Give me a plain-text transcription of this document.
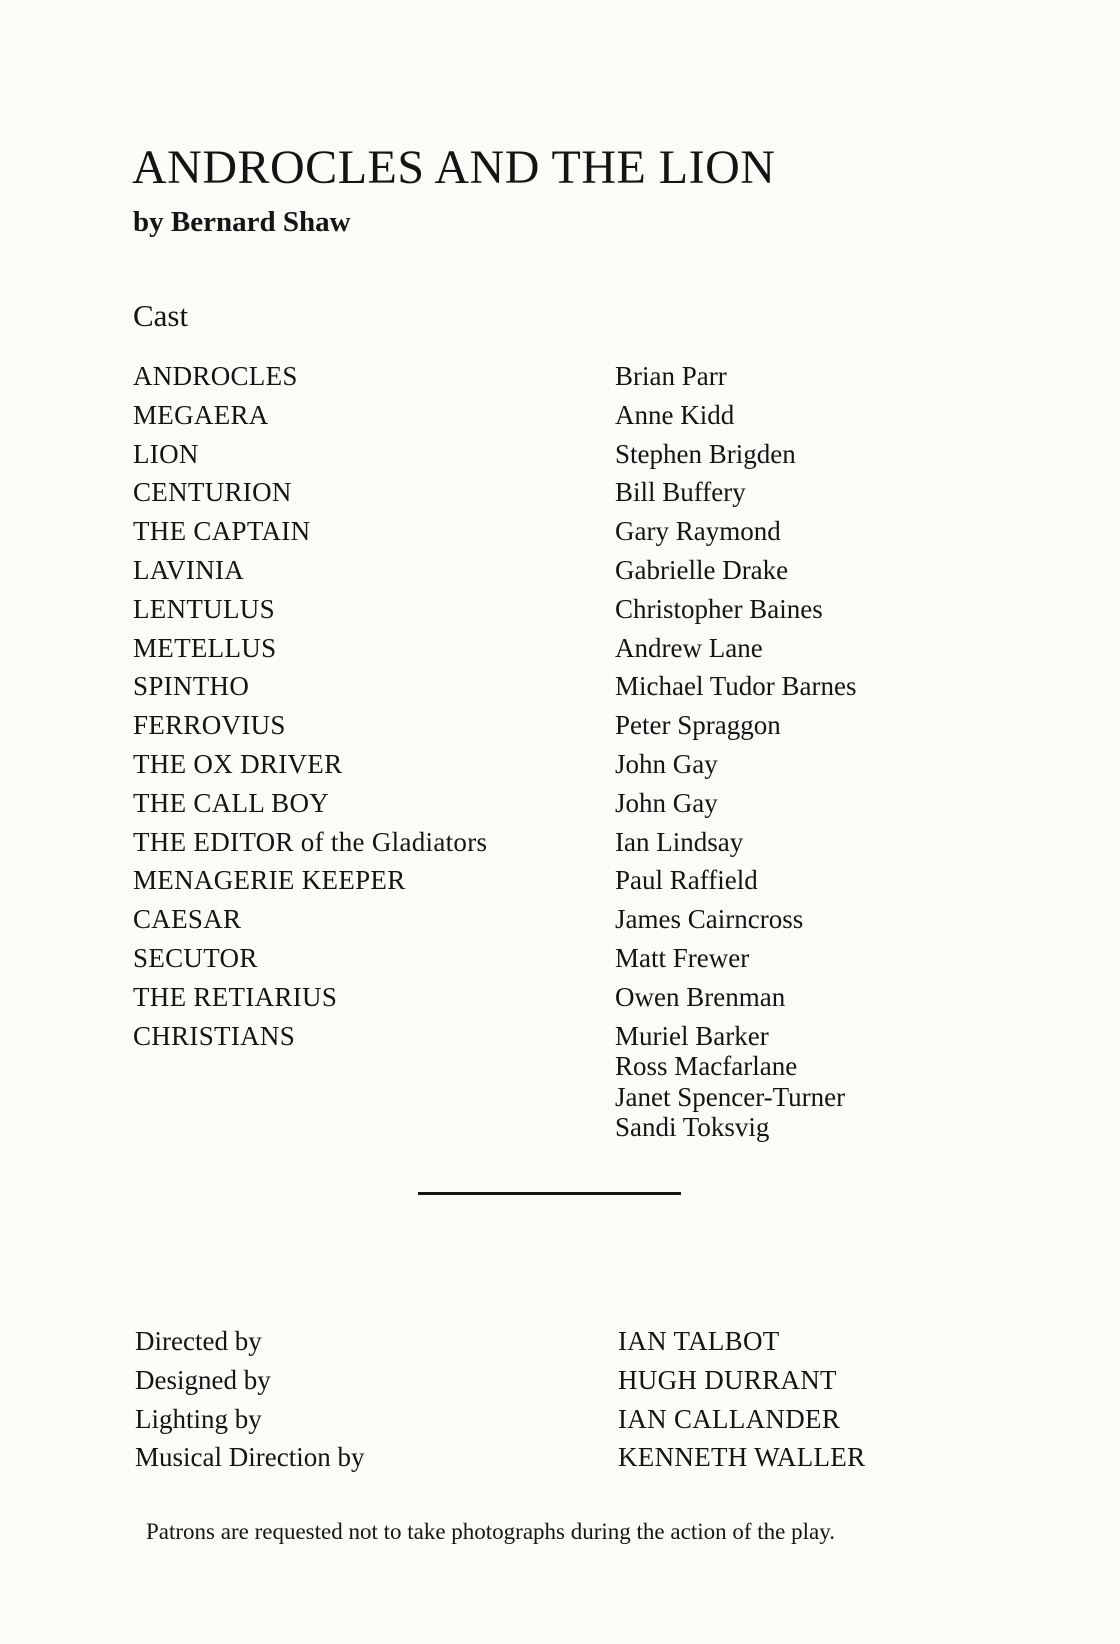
ANDROCLES AND THE LION
by Bernard Shaw
Cast
ANDROCLES	Brian Parr
MEGAERA	Anne Kidd
LION	Stephen Brigden
CENTURION	Bill Buffery
THE CAPTAIN	Gary Raymond
LAVINIA	Gabrielle Drake
LENTULUS	Christopher Baines
METELLUS	Andrew Lane
SPINTHO	Michael Tudor Barnes
FERROVIUS	Peter Spraggon
THE OX DRIVER	John Gay
THE CALL BOY	John Gay
THE EDITOR of the Gladiators	Ian Lindsay
MENAGERIE KEEPER	Paul Raffield
CAESAR	James Cairncross
SECUTOR	Matt Frewer
THE RETIARIUS	Owen Brenman
CHRISTIANS	Muriel Barker
Ross Macfarlane
Janet Spencer-Turner
Sandi Toksvig
Directed by	IAN TALBOT
Designed by	HUGH DURRANT
Lighting by	IAN CALLANDER
Musical Direction by	KENNETH WALLER
Patrons are requested not to take photographs during the action of the play.
